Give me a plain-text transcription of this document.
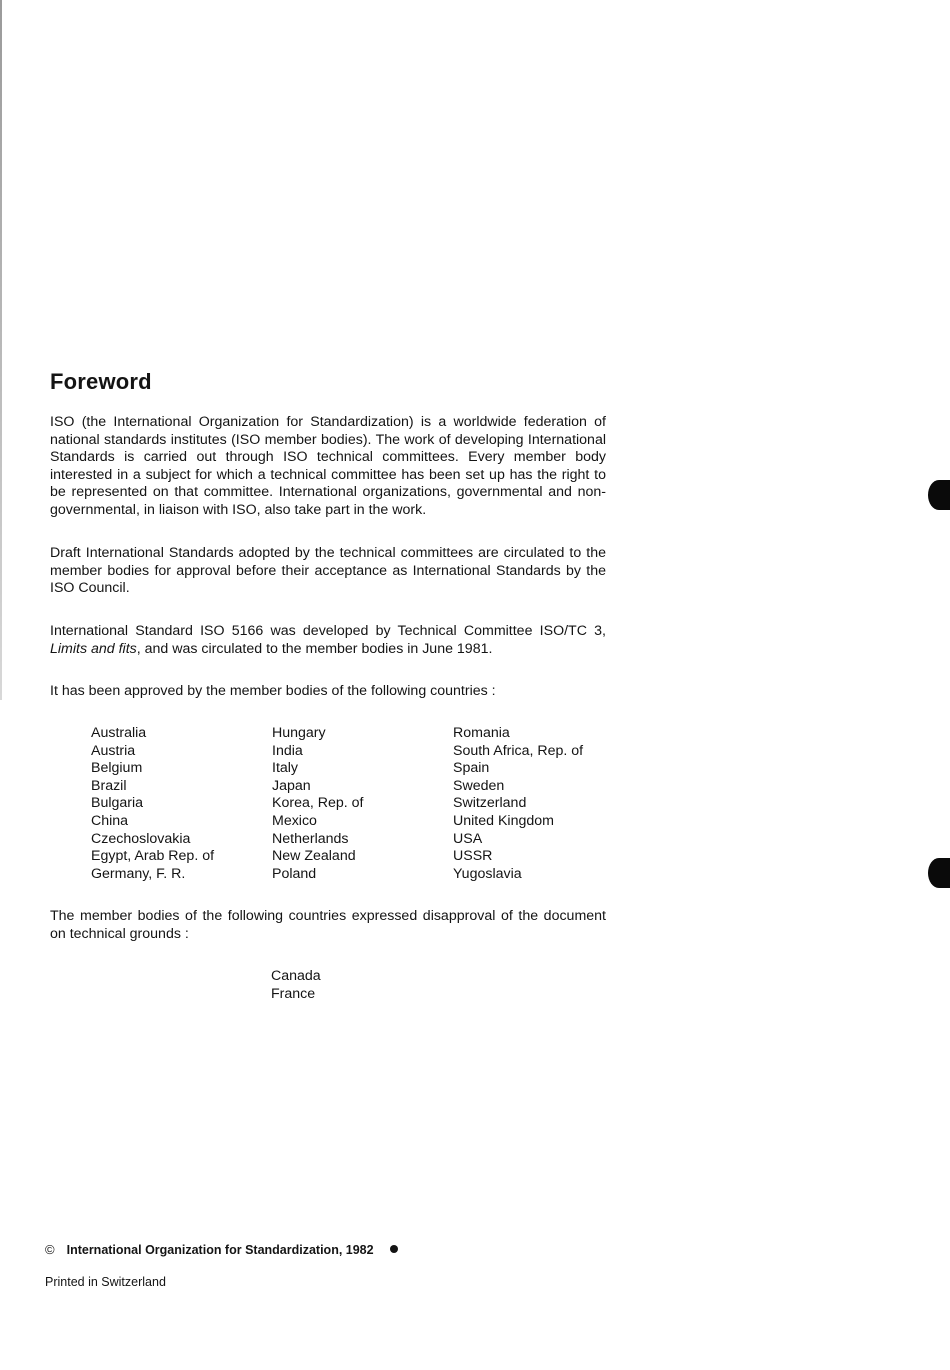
Foreword

ISO (the International Organization for Standardization) is a worldwide federation of national standards institutes (ISO member bodies). The work of developing International Standards is carried out through ISO technical committees. Every member body interested in a subject for which a technical committee has been set up has the right to be represented on that committee. International organizations, governmental and non-governmental, in liaison with ISO, also take part in the work.

Draft International Standards adopted by the technical committees are circulated to the member bodies for approval before their acceptance as International Standards by the ISO Council.

International Standard ISO 5166 was developed by Technical Committee ISO/TC 3, Limits and fits, and was circulated to the member bodies in June 1981.

It has been approved by the member bodies of the following countries :

Australia
Austria
Belgium
Brazil
Bulgaria
China
Czechoslovakia
Egypt, Arab Rep. of
Germany, F. R.
Hungary
India
Italy
Japan
Korea, Rep. of
Mexico
Netherlands
New Zealand
Poland
Romania
South Africa, Rep. of
Spain
Sweden
Switzerland
United Kingdom
USA
USSR
Yugoslavia

The member bodies of the following countries expressed disapproval of the document on technical grounds :

Canada
France
© International Organization for Standardization, 1982
Printed in Switzerland
